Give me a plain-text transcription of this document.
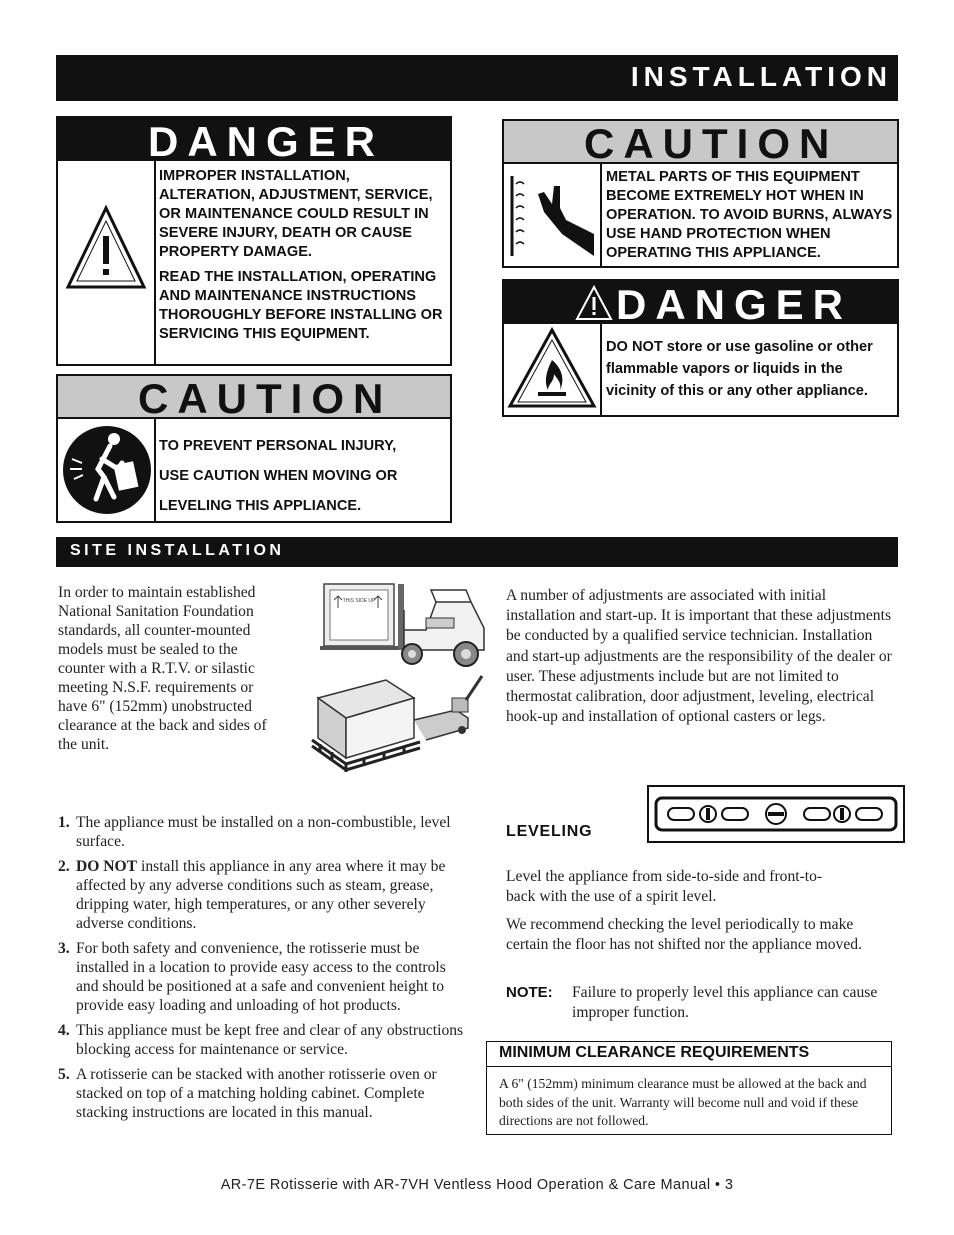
INSTALLATION
DANGER

IMPROPER INSTALLATION, ALTERATION, ADJUSTMENT, SERVICE, OR MAINTENANCE COULD RESULT IN SEVERE INJURY, DEATH OR CAUSE PROPERTY DAMAGE.

READ THE INSTALLATION, OPERATING AND MAINTENANCE INSTRUCTIONS THOROUGHLY BEFORE INSTALLING OR SERVICING THIS EQUIPMENT.

CAUTION
TO PREVENT PERSONAL INJURY, USE CAUTION WHEN MOVING OR LEVELING THIS APPLIANCE.
CAUTION
METAL PARTS OF THIS EQUIPMENT BECOME EXTREMELY HOT WHEN IN OPERATION. TO AVOID BURNS, ALWAYS USE HAND PROTECTION WHEN OPERATING THIS APPLIANCE.
DANGER
DO NOT store or use gasoline or other flammable vapors or liquids in the vicinity of this or any other appliance.
SITE INSTALLATION
In order to maintain established National Sanitation Foundation standards, all counter-mounted models must be sealed to the counter with a R.T.V. or silastic meeting N.S.F. requirements or have 6" (152mm) unobstructed clearance at the back and sides of the unit.
THIS SIDE UP
1. The appliance must be installed on a non-combustible, level surface.
2. DO NOT install this appliance in any area where it may be affected by any adverse conditions such as steam, grease, dripping water, high temperatures, or any other severely adverse conditions.
3. For both safety and convenience, the rotisserie must be installed in a location to provide easy access to the controls and should be positioned at a safe and convenient height to provide easy loading and unloading of hot products.
4. This appliance must be kept free and clear of any obstructions blocking access for maintenance or service.
5. A rotisserie can be stacked with another rotisserie oven or stacked on top of a matching holding cabinet. Complete stacking instructions are located in this manual.
A number of adjustments are associated with initial installation and start-up. It is important that these adjustments be conducted by a qualified service technician. Installation and start-up adjustments are the responsibility of the dealer or user. These adjustments include but are not limited to thermostat calibration, door adjustment, leveling, electrical hook-up and installation of optional casters or legs.
LEVELING
Level the appliance from side-to-side and front-to-back with the use of a spirit level.
We recommend checking the level periodically to make certain the floor has not shifted nor the appliance moved.
NOTE: Failure to properly level this appliance can cause improper function.
MINIMUM CLEARANCE REQUIREMENTS
A 6" (152mm) minimum clearance must be allowed at the back and both sides of the unit. Warranty will become null and void if these directions are not followed.
AR-7E Rotisserie with AR-7VH Ventless Hood Operation & Care Manual • 3
